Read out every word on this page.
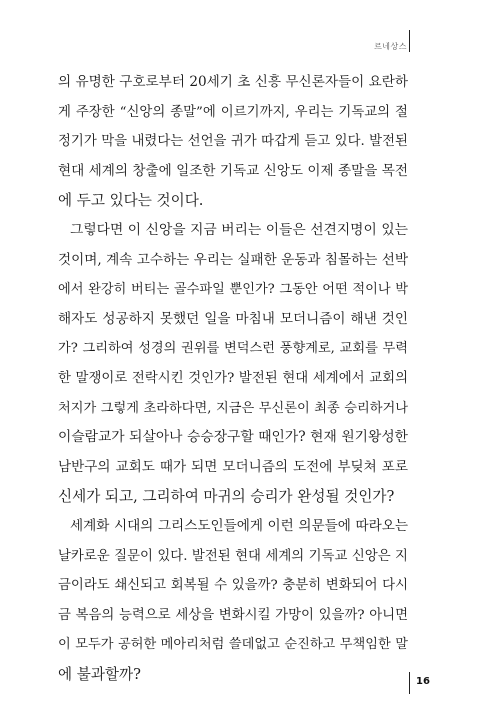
르네상스
의 유명한 구호로부터 20세기 초 신흥 무신론자들이 요란하
게 주장한 “신앙의 종말”에 이르기까지, 우리는 기독교의 절
정기가 막을 내렸다는 선언을 귀가 따갑게 듣고 있다. 발전된
현대 세계의 창출에 일조한 기독교 신앙도 이제 종말을 목전
에 두고 있다는 것이다.
그렇다면 이 신앙을 지금 버리는 이들은 선견지명이 있는
것이며, 계속 고수하는 우리는 실패한 운동과 침몰하는 선박
에서 완강히 버티는 골수파일 뿐인가? 그동안 어떤 적이나 박
해자도 성공하지 못했던 일을 마침내 모더니즘이 해낸 것인
가? 그리하여 성경의 권위를 변덕스런 풍향계로, 교회를 무력
한 말쟁이로 전락시킨 것인가? 발전된 현대 세계에서 교회의
처지가 그렇게 초라하다면, 지금은 무신론이 최종 승리하거나
이슬람교가 되살아나 승승장구할 때인가? 현재 원기왕성한
남반구의 교회도 때가 되면 모더니즘의 도전에 부딪쳐 포로
신세가 되고, 그리하여 마귀의 승리가 완성될 것인가?
세계화 시대의 그리스도인들에게 이런 의문들에 따라오는
날카로운 질문이 있다. 발전된 현대 세계의 기독교 신앙은 지
금이라도 쇄신되고 회복될 수 있을까? 충분히 변화되어 다시
금 복음의 능력으로 세상을 변화시킬 가망이 있을까? 아니면
이 모두가 공허한 메아리처럼 쓸데없고 순진하고 무책임한 말
에 불과할까?	16
